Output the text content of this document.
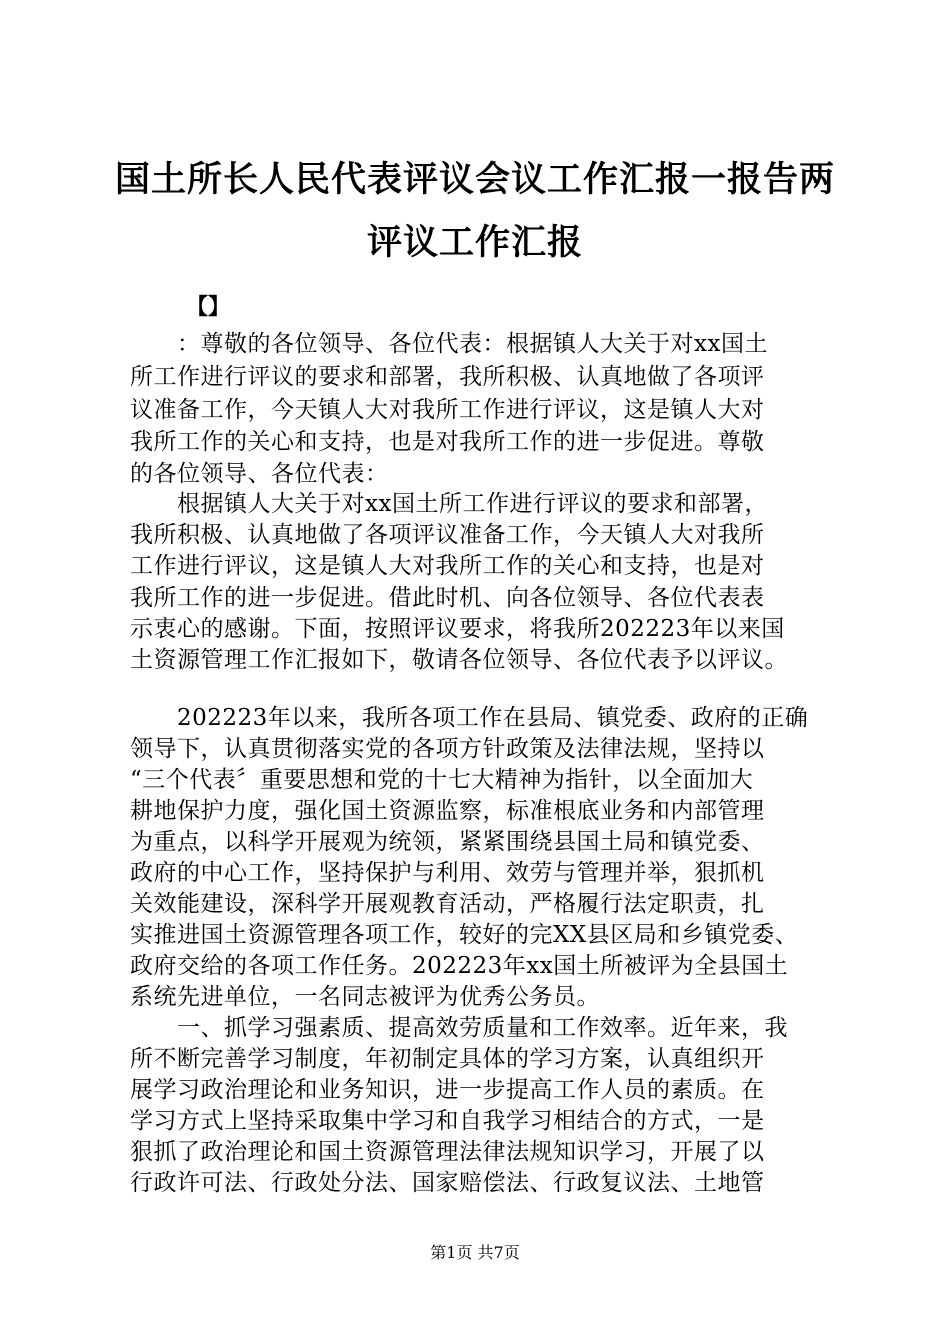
国土所长人民代表评议会议工作汇报一报告两
评议工作汇报
【】
　　：尊敬的各位领导、各位代表：根据镇人大关于对xx国土
所工作进行评议的要求和部署，我所积极、认真地做了各项评
议准备工作，今天镇人大对我所工作进行评议，这是镇人大对
我所工作的关心和支持，也是对我所工作的进一步促进。尊敬
的各位领导、各位代表：
　　根据镇人大关于对xx国土所工作进行评议的要求和部署，
我所积极、认真地做了各项评议准备工作，今天镇人大对我所
工作进行评议，这是镇人大对我所工作的关心和支持，也是对
我所工作的进一步促进。借此时机、向各位领导、各位代表表
示衷心的感谢。下面，按照评议要求，将我所202223年以来国
土资源管理工作汇报如下，敬请各位领导、各位代表予以评议。
　　202223年以来，我所各项工作在县局、镇党委、政府的正确
领导下，认真贯彻落实党的各项方针政策及法律法规，坚持以
“三个代表〞重要思想和党的十七大精神为指针，以全面加大
耕地保护力度，强化国土资源监察，标准根底业务和内部管理
为重点，以科学开展观为统领，紧紧围绕县国土局和镇党委、
政府的中心工作，坚持保护与利用、效劳与管理并举，狠抓机
关效能建设，深科学开展观教育活动，严格履行法定职责，扎
实推进国土资源管理各项工作，较好的完XX县区局和乡镇党委、
政府交给的各项工作任务。202223年xx国土所被评为全县国土
系统先进单位，一名同志被评为优秀公务员。
　　一、抓学习强素质、提高效劳质量和工作效率。近年来，我
所不断完善学习制度，年初制定具体的学习方案，认真组织开
展学习政治理论和业务知识，进一步提高工作人员的素质。在
学习方式上坚持采取集中学习和自我学习相结合的方式，一是
狠抓了政治理论和国土资源管理法律法规知识学习，开展了以
行政许可法、行政处分法、国家赔偿法、行政复议法、土地管
第1页 共7页
